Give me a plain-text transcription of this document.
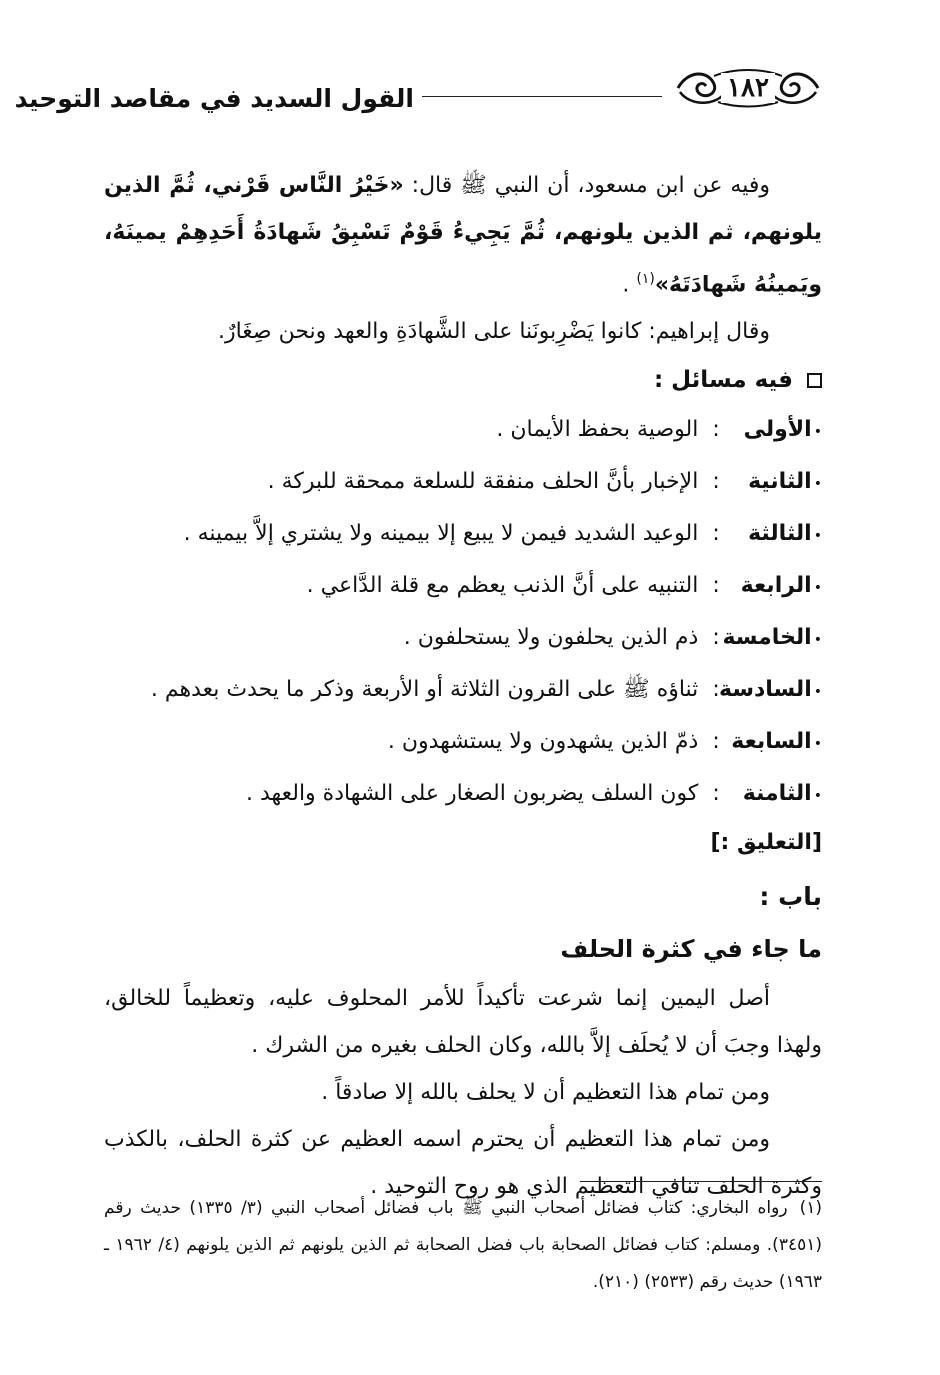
١٨٢
القول السديد في مقاصد التوحيد

وفيه عن ابن مسعود، أن النبي ﷺ قال: «خَيْرُ النَّاس قَرْني، ثُمَّ الذين يلونهم، ثم الذين يلونهم، ثُمَّ يَجِيءُ قَوْمٌ تَسْبِقُ شَهادَةُ أَحَدِهِمْ يمينَهُ، ويَمينُهُ شَهادَتَهُ»$^{(١)}$ .

وقال إبراهيم: كانوا يَضْرِبونَنا على الشَّهادَةِ والعهد ونحن صِغَارٌ.

فيه مسائل :
•
الأولى
:
الوصية بحفظ الأيمان .
•
الثانية
:
الإخبار بأنَّ الحلف منفقة للسلعة ممحقة للبركة .
•
الثالثة
:
الوعيد الشديد فيمن لا يبيع إلا بيمينه ولا يشتري إلاَّ بيمينه .
•
الرابعة
:
التنبيه على أنَّ الذنب يعظم مع قلة الدَّاعي .
•
الخامسة
:
ذم الذين يحلفون ولا يستحلفون .
•
السادسة
:
ثناؤه ﷺ على القرون الثلاثة أو الأربعة وذكر ما يحدث بعدهم .
•
السابعة
:
ذمّ الذين يشهدون ولا يستشهدون .
•
الثامنة
:
كون السلف يضربون الصغار على الشهادة والعهد .
[التعليق :]
باب :
ما جاء في كثرة الحلف

أصل اليمين إنما شرعت تأكيداً للأمر المحلوف عليه، وتعظيماً للخالق، ولهذا وجبَ أن لا يُحلَف إلاَّ بالله، وكان الحلف بغيره من الشرك .

ومن تمام هذا التعظيم أن لا يحلف بالله إلا صادقاً .

ومن تمام هذا التعظيم أن يحترم اسمه العظيم عن كثرة الحلف، بالكذب وكثرة الحلف تنافي التعظيم الذي هو روح التوحيد .

(١)رواه البخاري: كتاب فضائل أصحاب النبي ﷺ باب فضائل أصحاب النبي (٣/ ١٣٣٥) حديث رقم (٣٤٥١). ومسلم: كتاب فضائل الصحابة باب فضل الصحابة ثم الذين يلونهم ثم الذين يلونهم (٤/ ١٩٦٢ ـ ١٩٦٣) حديث رقم (٢٥٣٣) (٢١٠).
